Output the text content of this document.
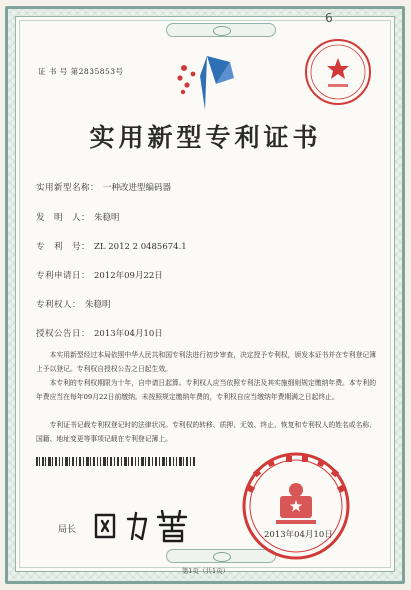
6
证 书 号 第2835853号
实用新型专利证书
实用新型名称： 一种改进型编码器
发　明　人： 朱稳明
专　利　号： ZL 2012 2 0485674.1
专利申请日： 2012年09月22日
专利权人： 朱稳明
授权公告日： 2013年04月10日
本实用新型经过本局依照中华人民共和国专利法进行初步审查，决定授予专利权，颁发本证书并在专利登记簿上予以登记。专利权自授权公告之日起生效。
本专利的专利权期限为十年，自申请日起算。专利权人应当依照专利法及其实施细则规定缴纳年费。本专利的年费应当在每年09月22日前缴纳。未按照规定缴纳年费的，专利权自应当缴纳年费期满之日起终止。
专利证书记载专利权登记时的法律状况。专利权的转移、质押、无效、终止、恢复和专利权人的姓名或名称、国籍、地址变更等事项记载在专利登记簿上。
局长	2013年04月10日
第1页（共1页）
